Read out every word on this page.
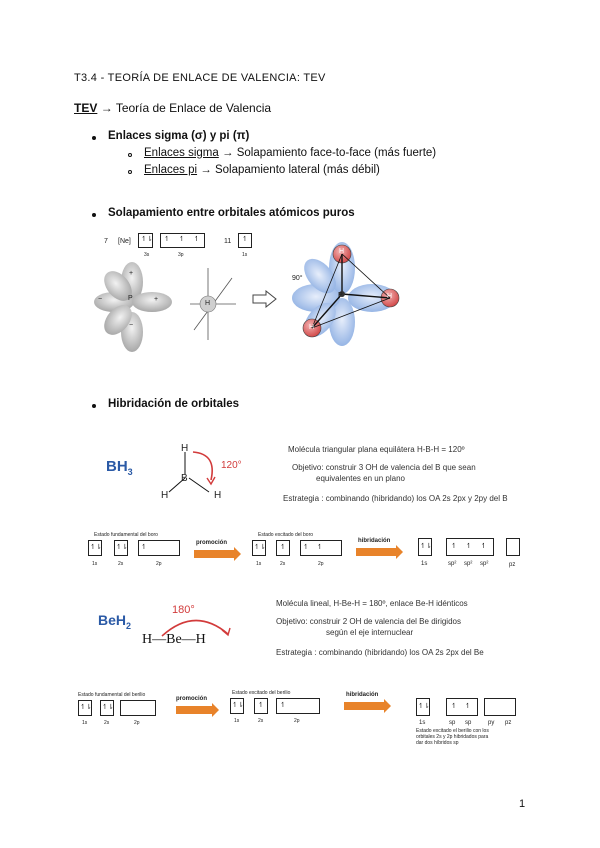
T3.4 - TEORÍA DE ENLACE DE VALENCIA: TEV
TEV → Teoría de Enlace de Valencia
Enlaces sigma (σ) y pi (π)
Enlaces sigma → Solapamiento face-to-face (más fuerte)
Enlaces pi → Solapamiento lateral (más débil)
Solapamiento entre orbitales atómicos puros
7 [Ne] ↿⇂ ↿↿↿
3s	3p
11 ↿
1s
P	+
−
+
−
H
90°
P
H
H
H
Hibridación de orbitales
$BH_3$
H
B
H	H
120°
Molécula triangular plana equilátera H-B-H = 120º
Objetivo: construir 3 OH de valencia del B que sean
equivalentes en un plano
Estrategia : combinando (hibridando) los OA 2s 2px y 2py del B
Estado fundamental del boro
↿⇂ ↿⇂ ↿
1s	2s	2p
promoción
Estado excitado del boro
↿⇂ ↿ ↿↿
1s	2s	2p
hibridación
↿⇂	↿↿↿
1s	sp² sp² sp²	pz
BeH$_2$
180°
H—Be—H
Molécula lineal, H-Be-H = 180º, enlace Be-H idénticos
Objetivo: construir 2 OH de valencia del Be dirigidos
según el eje internuclear
Estrategia : combinando (hibridando) los OA 2s 2px del Be
Estado fundamental del berilio
↿⇂ ↿⇂
1s	2s	2p
promoción
Estado excitado del berilio
↿⇂ ↿ ↿
1s	2s	2p
hibridación
↿⇂	↿↿
1s	sp sp	py pz
Estado excitado el berilio con los
orbitales 2s y 2p hibridados para
dar dos híbridos sp
1
